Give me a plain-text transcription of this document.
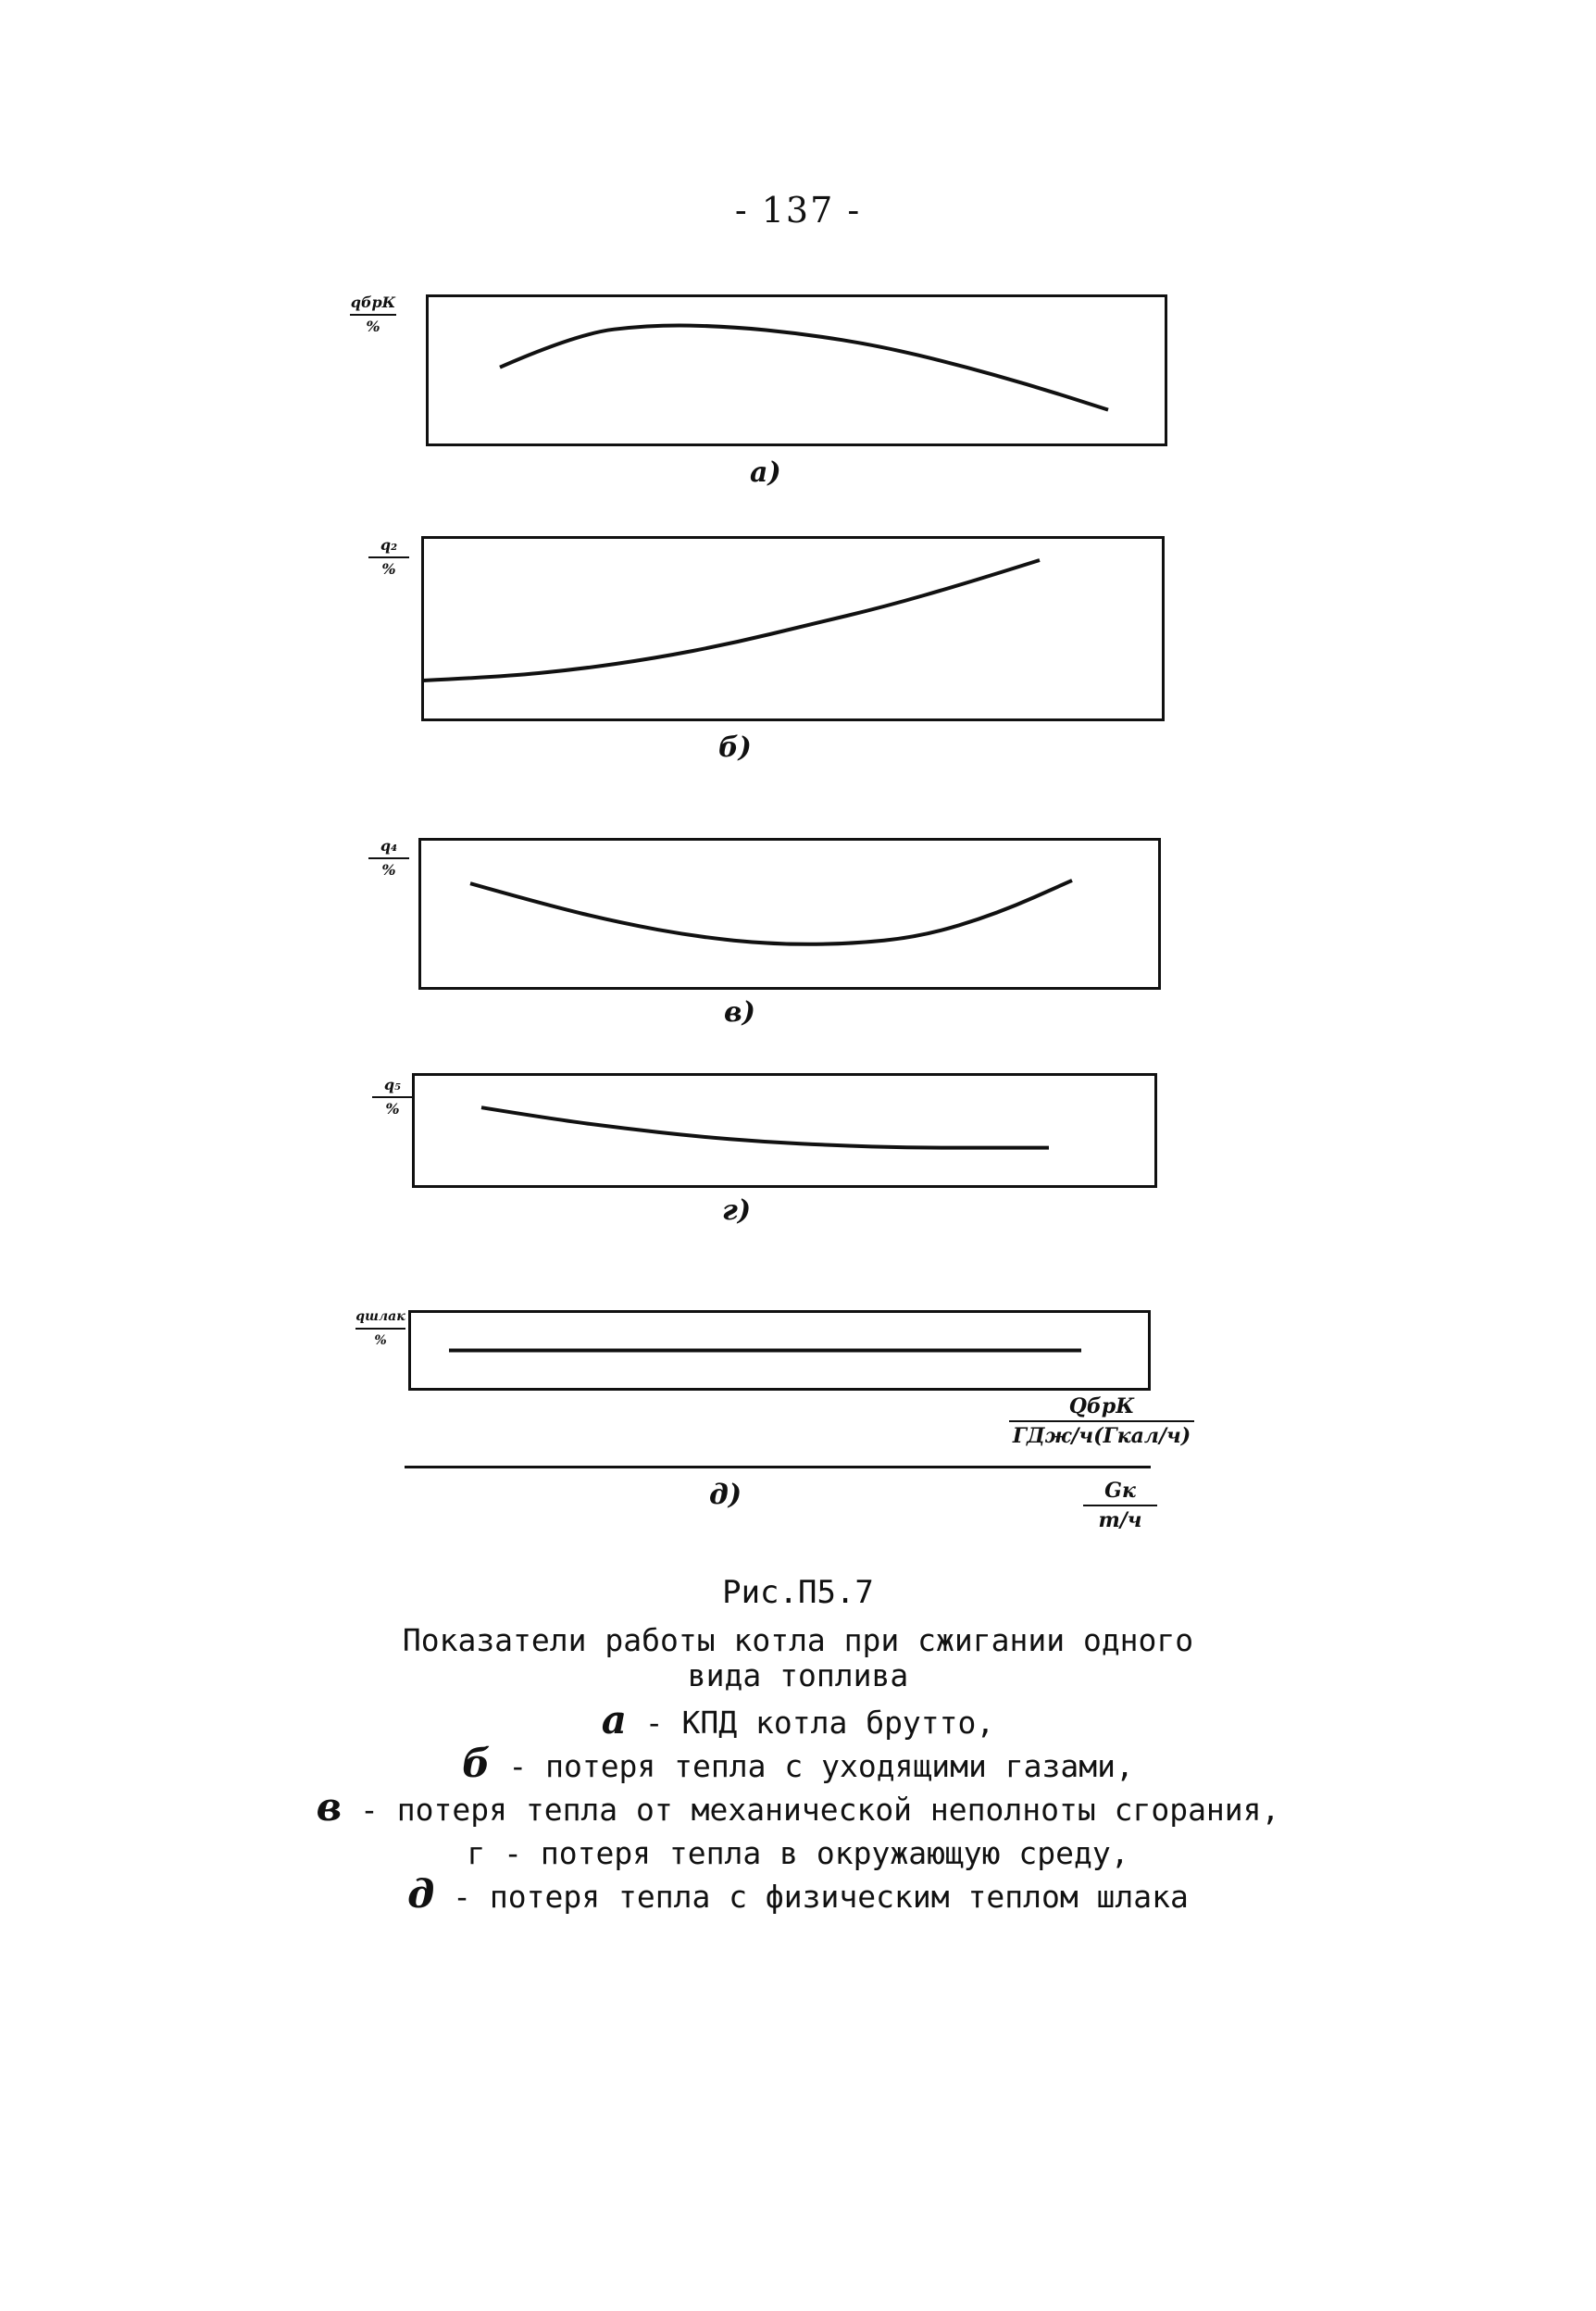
- 137 -
qбрК
%
а)
q₂
%
б)
q₄
%
в)
q₅
%
г)
qшлак
%
QбрК
ГДж/ч(Гкал/ч)
д)	Gк
т/ч
Рис.П5.7
Показатели работы котла при сжигании одного
вида топлива
а - КПД котла брутто,
б - потеря тепла с уходящими газами,
в - потеря тепла от механической неполноты сгорания,
г - потеря тепла в окружающую среду,
д - потеря тепла с физическим теплом шлака
